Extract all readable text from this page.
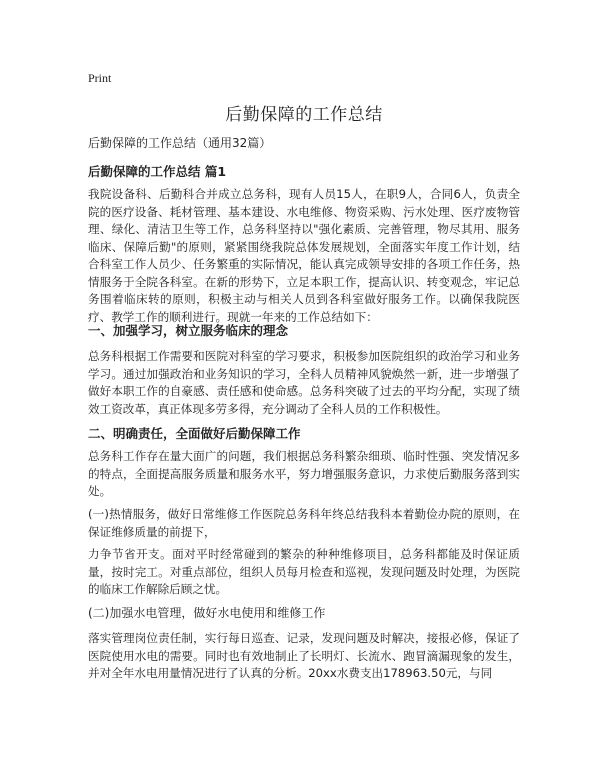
Print
后勤保障的工作总结

后勤保障的工作总结（通用32篇）

后勤保障的工作总结 篇1

我院设备科、后勤科合并成立总务科，现有人员15人，在职9人，合同6人，负责全院的医疗设备、耗材管理、基本建设、水电维修、物资采购、污水处理、医疗废物管理、绿化、清洁卫生等工作，总务科坚持以"强化素质、完善管理，物尽其用、服务临床、保障后勤"的原则，紧紧围绕我院总体发展规划，全面落实年度工作计划，结合科室工作人员少、任务繁重的实际情况，能认真完成领导安排的各项工作任务，热情服务于全院各科室。在新的形势下，立足本职工作，提高认识、转变观念，牢记总务围着临床转的原则，积极主动与相关人员到各科室做好服务工作。以确保我院医疗、教学工作的顺利进行。现就一年来的工作总结如下：

一、加强学习，树立服务临床的理念

总务科根据工作需要和医院对科室的学习要求，积极参加医院组织的政治学习和业务学习。通过加强政治和业务知识的学习，全科人员精神风貌焕然一新，进一步增强了做好本职工作的自豪感、责任感和使命感。总务科突破了过去的平均分配，实现了绩效工资改革，真正体现多劳多得，充分调动了全科人员的工作积极性。

二、明确责任，全面做好后勤保障工作

总务科工作存在量大面广的问题，我们根据总务科繁杂细琐、临时性强、突发情况多的特点，全面提高服务质量和服务水平，努力增强服务意识，力求使后勤服务落到实处。

(一)热情服务，做好日常维修工作医院总务科年终总结我科本着勤俭办院的原则，在保证维修质量的前提下，

力争节省开支。面对平时经常碰到的繁杂的种种维修项目，总务科都能及时保证质量，按时完工。对重点部位，组织人员每月检查和巡视，发现问题及时处理，为医院的临床工作解除后顾之忧。

(二)加强水电管理，做好水电使用和维修工作

落实管理岗位责任制，实行每日巡查、记录，发现问题及时解决，接报必修，保证了医院使用水电的需要。同时也有效地制止了长明灯、长流水、跑冒滴漏现象的发生，并对全年水电用量情况进行了认真的分析。20xx水费支出178963.50元，与同
